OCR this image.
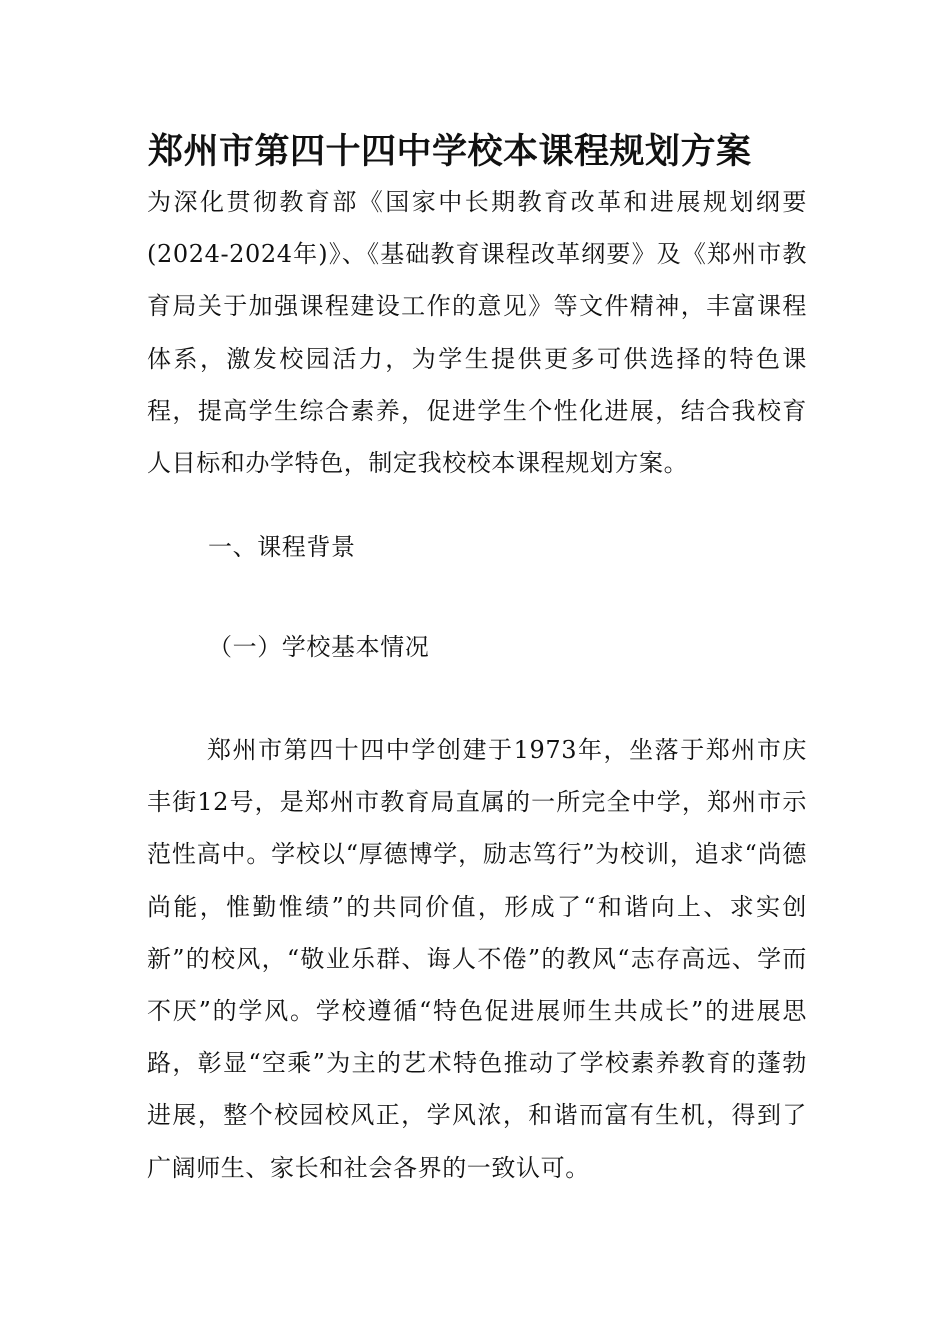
郑州市第四十四中学校本课程规划方案
为深化贯彻教育部《国家中长期教育改革和进展规划纲要(2024-2024年)》、《基础教育课程改革纲要》及《郑州市教育局关于加强课程建设工作的意见》等文件精神，丰富课程体系，激发校园活力，为学生提供更多可供选择的特色课程，提高学生综合素养，促进学生个性化进展，结合我校育人目标和办学特色，制定我校校本课程规划方案。
一、课程背景
（一）学校基本情况
郑州市第四十四中学创建于1973年，坐落于郑州市庆丰街12号，是郑州市教育局直属的一所完全中学，郑州市示范性高中。学校以“厚德博学，励志笃行”为校训，追求“尚德尚能，惟勤惟绩”的共同价值，形成了“和谐向上、求实创新”的校风，“敬业乐群、诲人不倦”的教风“志存高远、学而不厌”的学风。学校遵循“特色促进展师生共成长”的进展思路，彰显“空乘”为主的艺术特色推动了学校素养教育的蓬勃进展，整个校园校风正，学风浓，和谐而富有生机，得到了广阔师生、家长和社会各界的一致认可。
